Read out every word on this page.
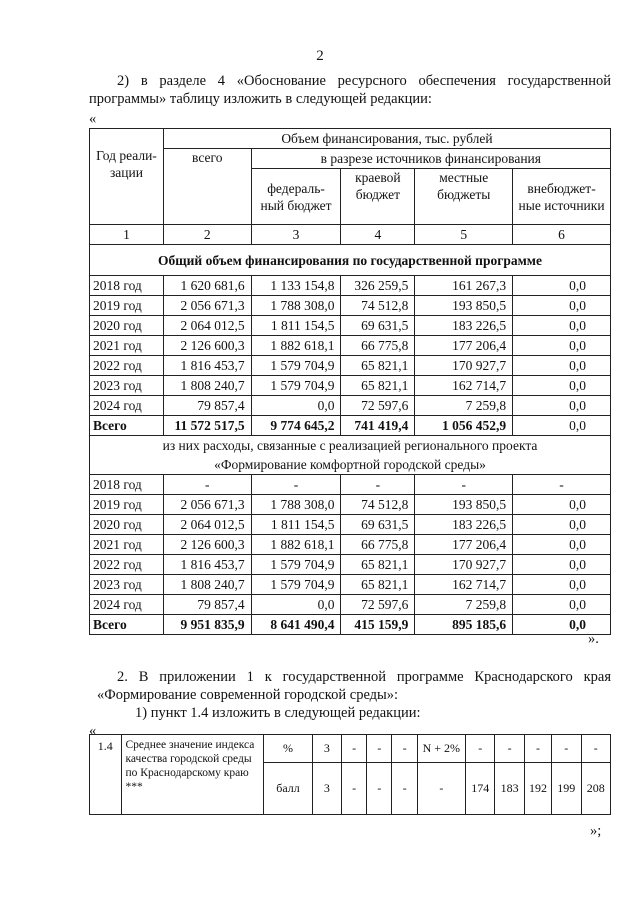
2
2) в разделе 4 «Обоснование ресурсного обеспечения государственной
программы» таблицу изложить в следующей редакции:
«
Год реали- зации	Объем финансирования, тыс. рублей				
	всего	в разрезе источников финансирования			
		федераль- ный бюджет	краевой бюджет	местные бюджеты	внебюджет- ные источники
1	2	3	4	5	6
Общий объем финансирования по государственной программе					
2018 год	1 620 681,6	1 133 154,8	326 259,5	161 267,3	0,0
2019 год	2 056 671,3	1 788 308,0	74 512,8	193 850,5	0,0
2020 год	2 064 012,5	1 811 154,5	69 631,5	183 226,5	0,0
2021 год	2 126 600,3	1 882 618,1	66 775,8	177 206,4	0,0
2022 год	1 816 453,7	1 579 704,9	65 821,1	170 927,7	0,0
2023 год	1 808 240,7	1 579 704,9	65 821,1	162 714,7	0,0
2024 год	79 857,4	0,0	72 597,6	7 259,8	0,0
Всего	11 572 517,5	9 774 645,2	741 419,4	1 056 452,9	0,0

из них расходы, связанные с реализацией регионального проекта
«Формирование комфортной городской среды»					

2018 год	-	-	-	-	-
2019 год	2 056 671,3	1 788 308,0	74 512,8	193 850,5	0,0
2020 год	2 064 012,5	1 811 154,5	69 631,5	183 226,5	0,0
2021 год	2 126 600,3	1 882 618,1	66 775,8	177 206,4	0,0
2022 год	1 816 453,7	1 579 704,9	65 821,1	170 927,7	0,0
2023 год	1 808 240,7	1 579 704,9	65 821,1	162 714,7	0,0
2024 год	79 857,4	0,0	72 597,6	7 259,8	0,0
Всего	9 951 835,9	8 641 490,4	415 159,9	895 185,6	0,0
».
2. В приложении 1 к государственной программе Краснодарского края
«Формирование современной городской среды»:
1) пункт 1.4 изложить в следующей редакции:
«
1.4	Среднее значение индекса качества городской среды по Краснодарскому краю ***	%	3	-	-	-	N + 2%	-	-	-	-	-
		балл	3	-	-	-	-	174	183	192	199	208
»;
